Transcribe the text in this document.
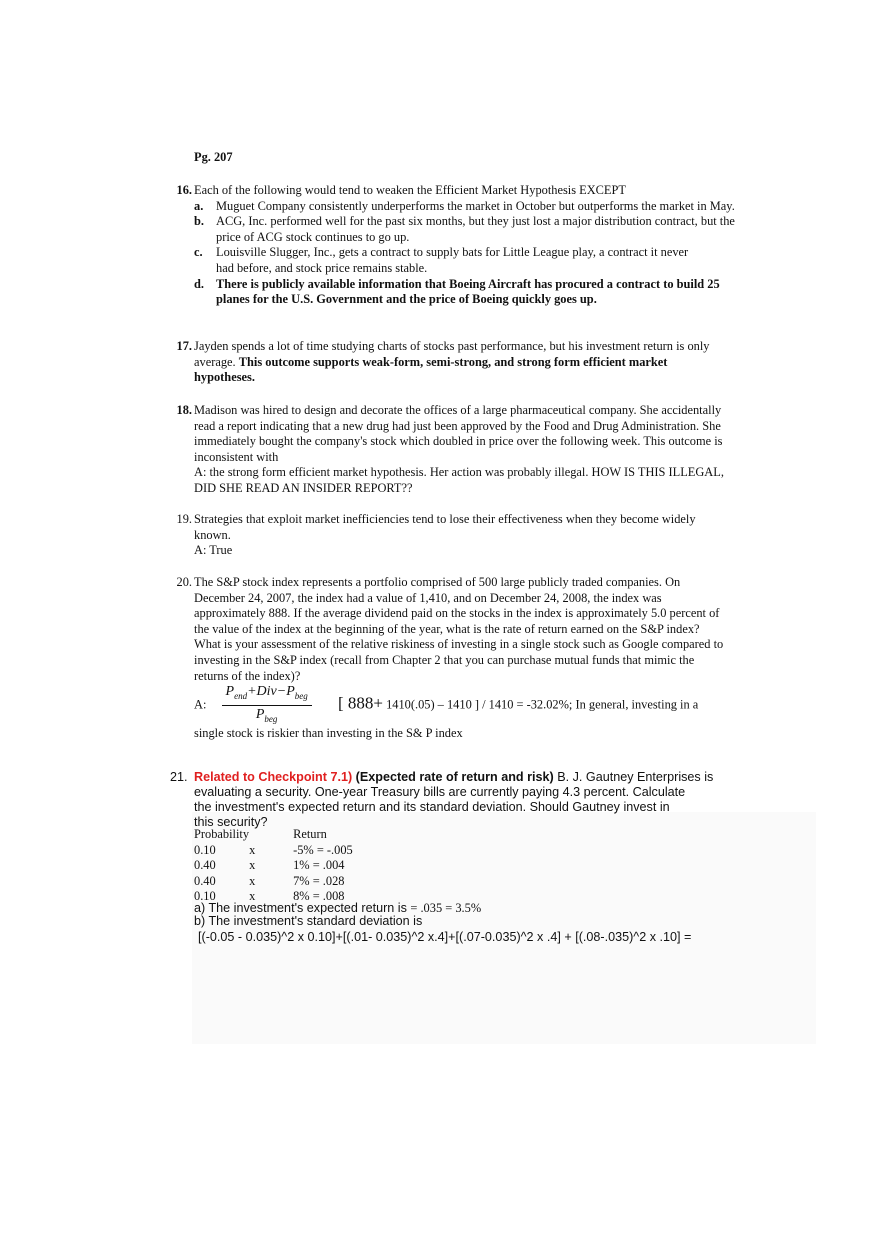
Pg. 207
16. Each of the following would tend to weaken the Efficient Market Hypothesis EXCEPT
a. Muguet Company consistently underperforms the market in October but outperforms the market in May.
b. ACG, Inc. performed well for the past six months, but they just lost a major distribution contract, but the price of ACG stock continues to go up.
c. Louisville Slugger, Inc., gets a contract to supply bats for Little League play, a contract it never had before, and stock price remains stable.
d. There is publicly available information that Boeing Aircraft has procured a contract to build 25 planes for the U.S. Government and the price of Boeing quickly goes up.
17. Jayden spends a lot of time studying charts of stocks past performance, but his investment return is only average. This outcome supports weak-form, semi-strong, and strong form efficient market hypotheses.
18. Madison was hired to design and decorate the offices of a large pharmaceutical company. She accidentally read a report indicating that a new drug had just been approved by the Food and Drug Administration. She immediately bought the company's stock which doubled in price over the following week. This outcome is inconsistent with
A: the strong form efficient market hypothesis. Her action was probably illegal. HOW IS THIS ILLEGAL, DID SHE READ AN INSIDER REPORT??
19. Strategies that exploit market inefficiencies tend to lose their effectiveness when they become widely known.
A: True
20. The S&P stock index represents a portfolio comprised of 500 large publicly traded companies. On December 24, 2007, the index had a value of 1,410, and on December 24, 2008, the index was approximately 888. If the average dividend paid on the stocks in the index is approximately 5.0 percent of the value of the index at the beginning of the year, what is the rate of return earned on the S&P index? What is your assessment of the relative riskiness of investing in a single stock such as Google compared to investing in the S&P index (recall from Chapter 2 that you can purchase mutual funds that mimic the returns of the index)?
A: $\frac{P_{end}+Div-P_{beg}}{P_{beg}}$ [ 888+ 1410(.05) – 1410 ] / 1410 = -32.02%; In general, investing in a
single stock is riskier than investing in the S& P index
21. Related to Checkpoint 7.1) (Expected rate of return and risk) B. J. Gautney Enterprises is
evaluating a security. One-year Treasury bills are currently paying 4.3 percent. Calculate
the investment's expected return and its standard deviation. Should Gautney invest in
this security?
Probability		Return
0.10	x	-5% = -.005
0.40	x	1% = .004
0.40	x	7% = .028
0.10	x	8% = .008
a) The investment's expected return is = .035 = 3.5%
b) The investment's standard deviation is
[(-0.05 - 0.035)^2 x 0.10]+[(.01- 0.035)^2 x.4]+[(.07-0.035)^2 x .4] + [(.08-.035)^2 x .10] =
